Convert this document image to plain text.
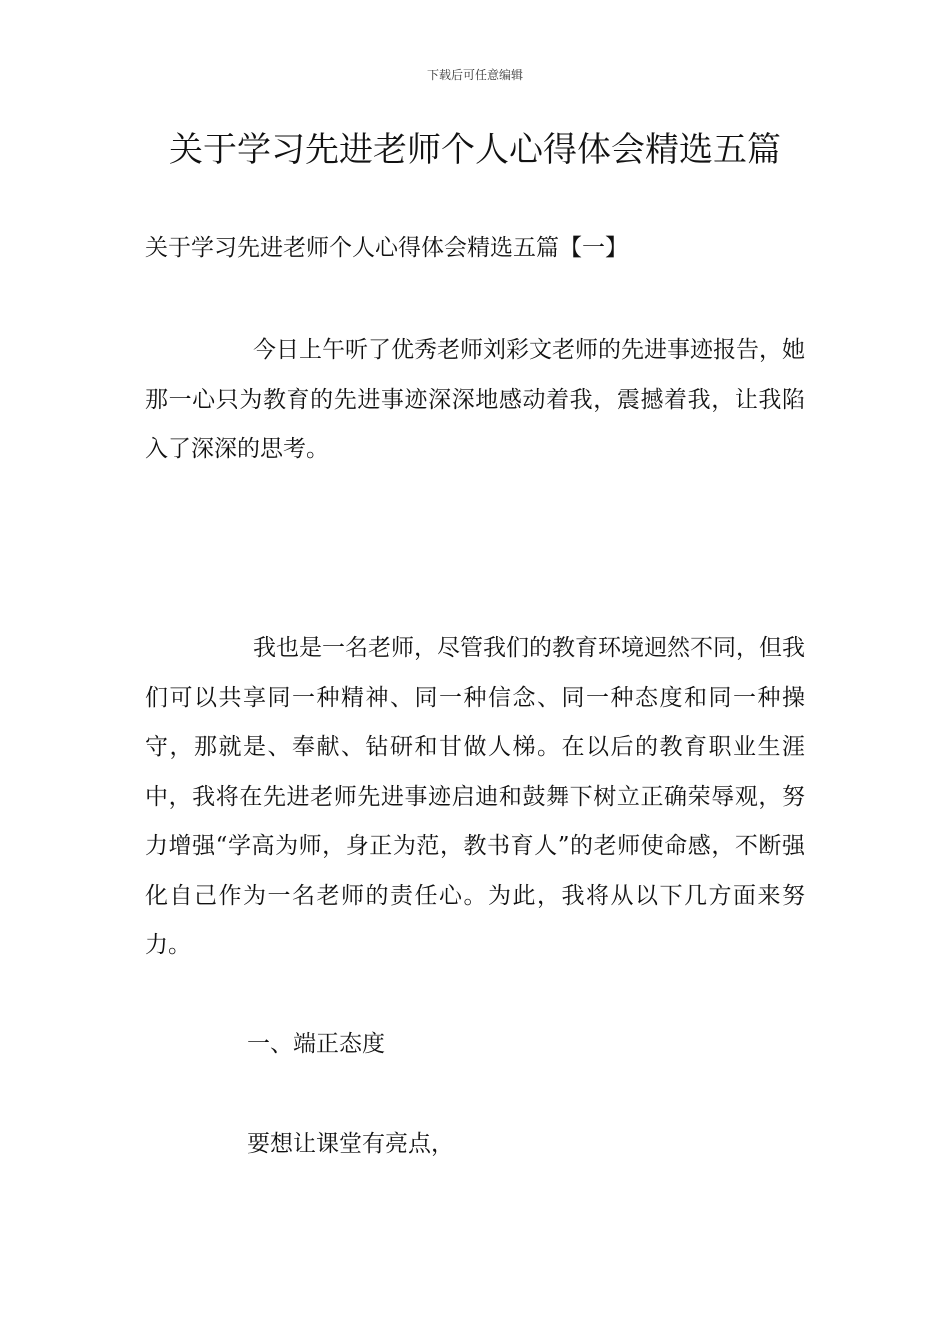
下载后可任意编辑
关于学习先进老师个人心得体会精选五篇

关于学习先进老师个人心得体会精选五篇【一】

今日上午听了优秀老师刘彩文老师的先进事迹报告，她那一心只为教育的先进事迹深深地感动着我，震撼着我，让我陷入了深深的思考。

我也是一名老师，尽管我们的教育环境迥然不同，但我们可以共享同一种精神、同一种信念、同一种态度和同一种操守，那就是、奉献、钻研和甘做人梯。在以后的教育职业生涯中，我将在先进老师先进事迹启迪和鼓舞下树立正确荣辱观，努力增强“学高为师，身正为范，教书育人”的老师使命感，不断强化自己作为一名老师的责任心。为此，我将从以下几方面来努力。

一、端正态度

要想让课堂有亮点，
